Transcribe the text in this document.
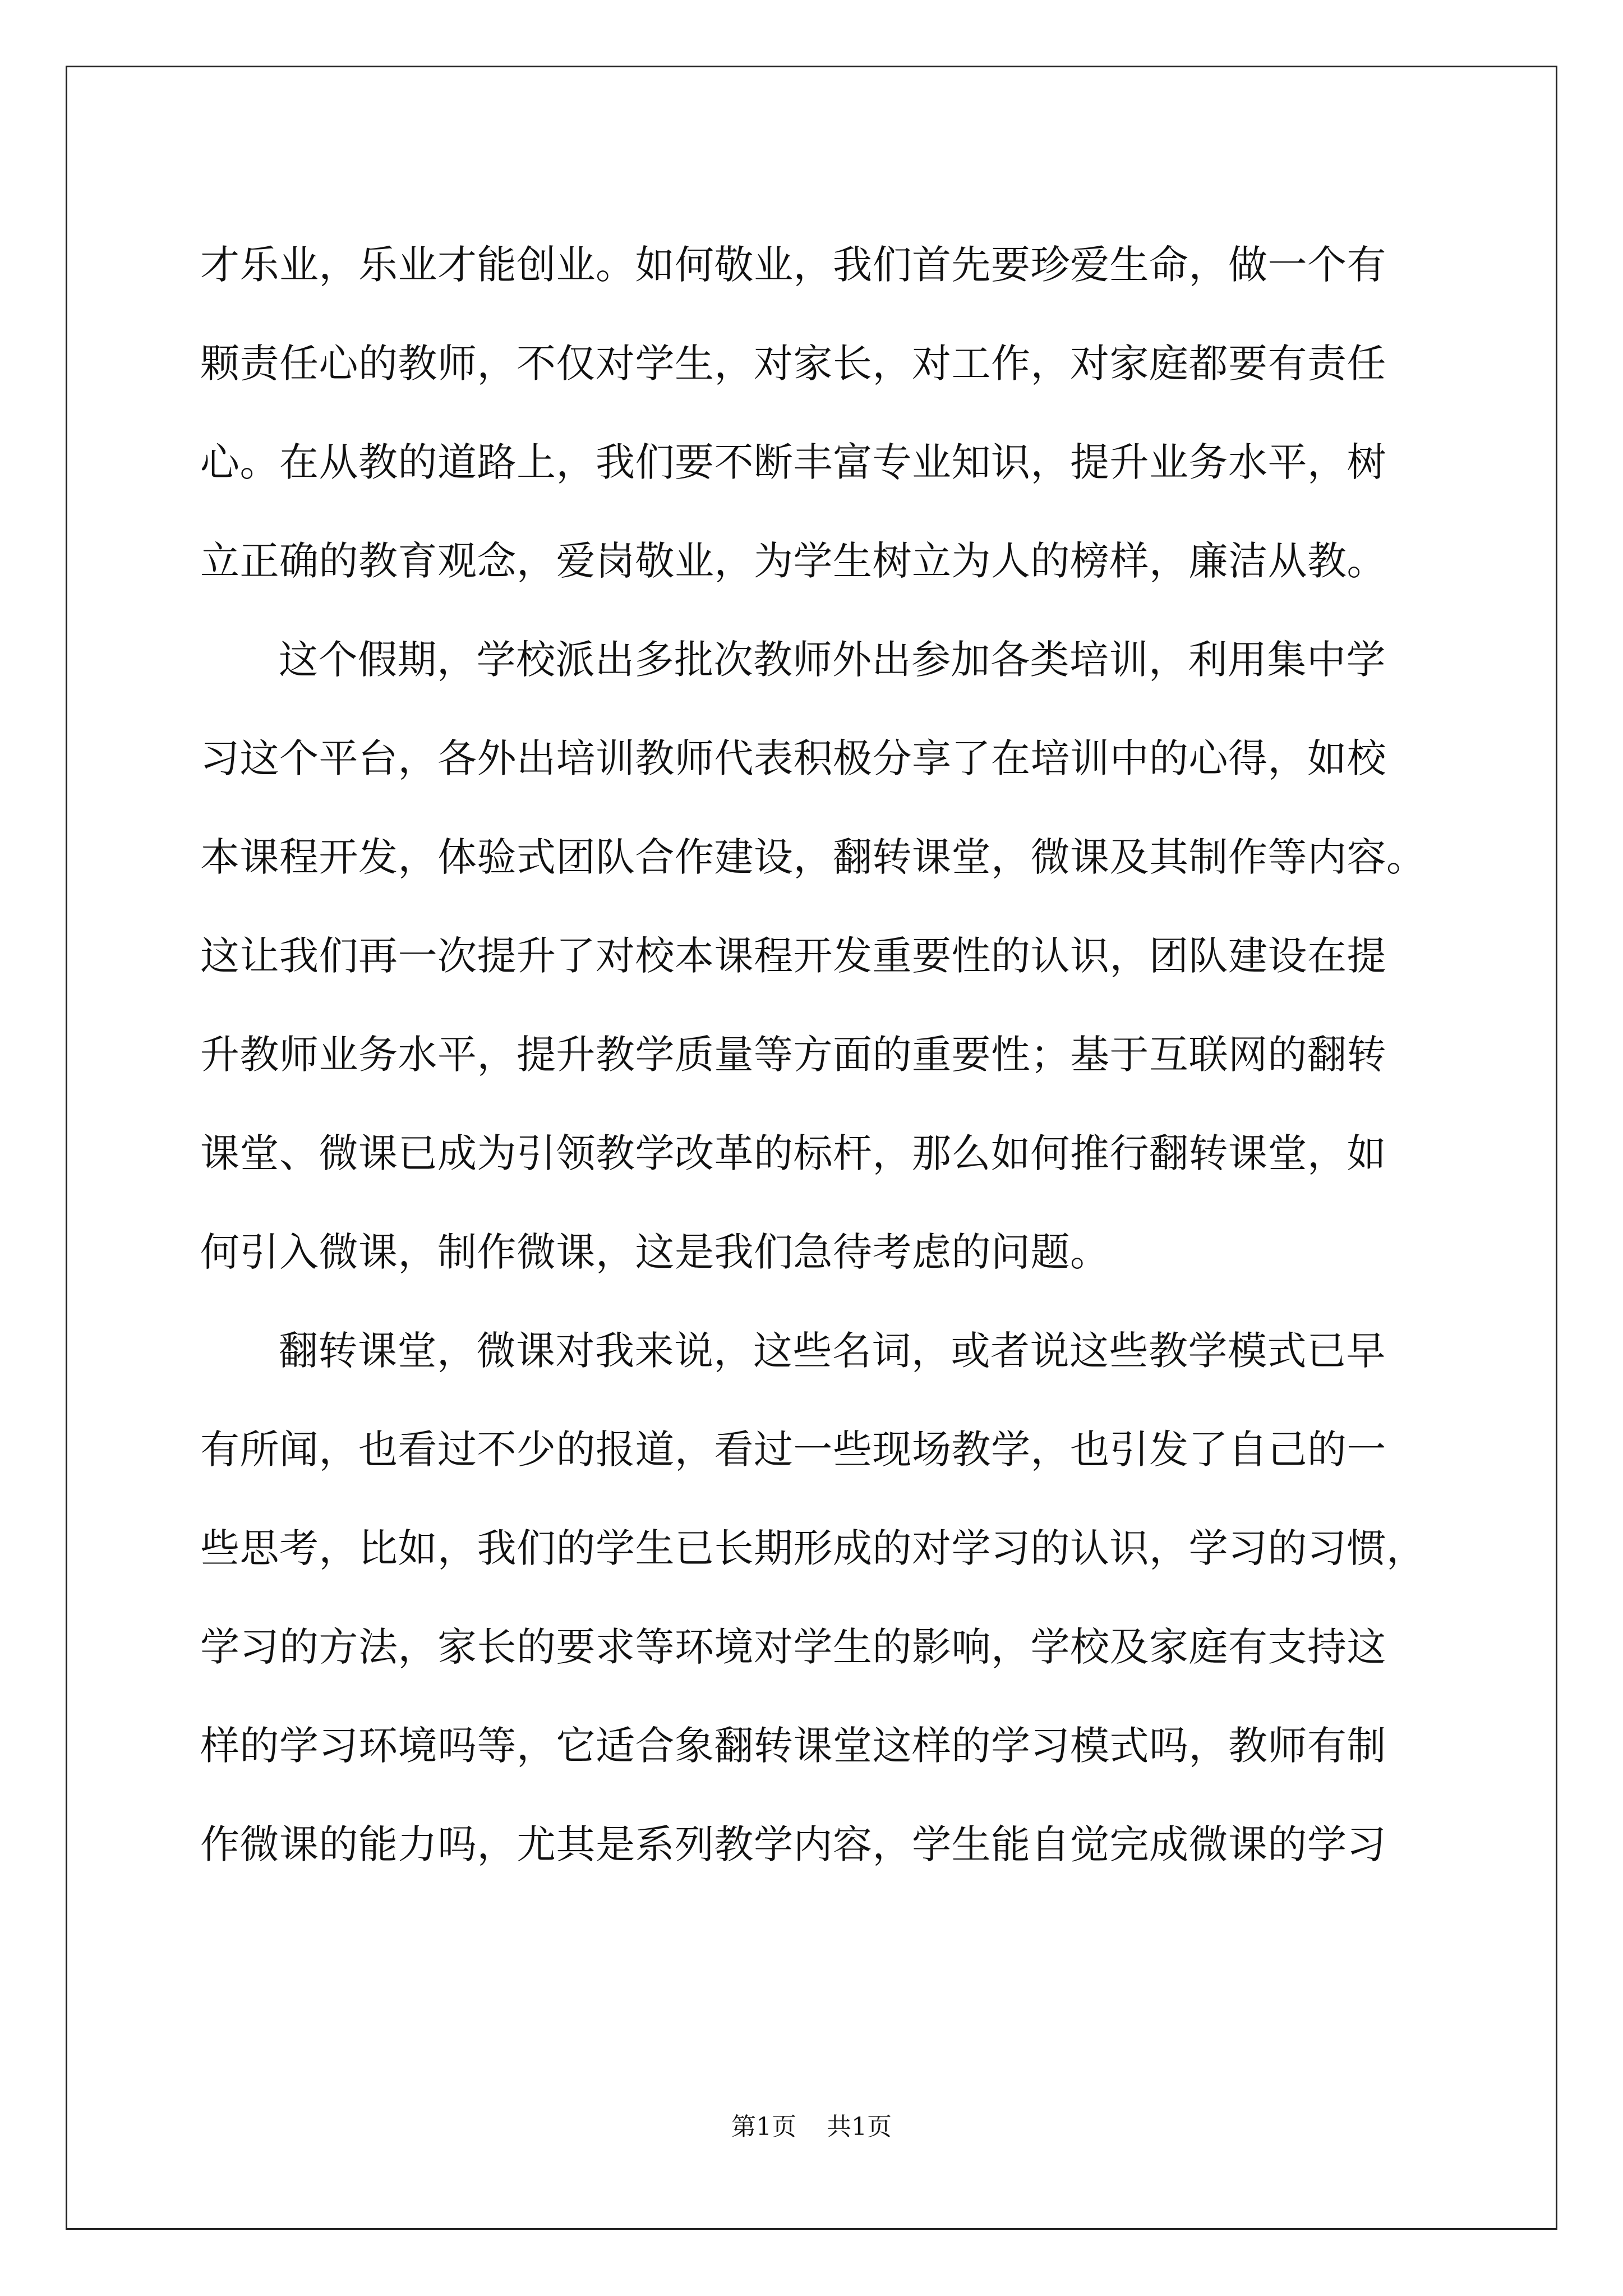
才乐业，乐业才能创业。如何敬业，我们首先要珍爱生命，做一个有
颗责任心的教师，不仅对学生，对家长，对工作，对家庭都要有责任
心。在从教的道路上，我们要不断丰富专业知识，提升业务水平，树
立正确的教育观念，爱岗敬业，为学生树立为人的榜样，廉洁从教。
这个假期，学校派出多批次教师外出参加各类培训，利用集中学
习这个平台，各外出培训教师代表积极分享了在培训中的心得，如校
本课程开发，体验式团队合作建设，翻转课堂，微课及其制作等内容。
这让我们再一次提升了对校本课程开发重要性的认识，团队建设在提
升教师业务水平，提升教学质量等方面的重要性；基于互联网的翻转
课堂、微课已成为引领教学改革的标杆，那么如何推行翻转课堂，如
何引入微课，制作微课，这是我们急待考虑的问题。
翻转课堂，微课对我来说，这些名词，或者说这些教学模式已早
有所闻，也看过不少的报道，看过一些现场教学，也引发了自己的一
些思考，比如，我们的学生已长期形成的对学习的认识，学习的习惯，
学习的方法，家长的要求等环境对学生的影响，学校及家庭有支持这
样的学习环境吗等，它适合象翻转课堂这样的学习模式吗，教师有制
作微课的能力吗，尤其是系列教学内容，学生能自觉完成微课的学习
第1页 共1页
